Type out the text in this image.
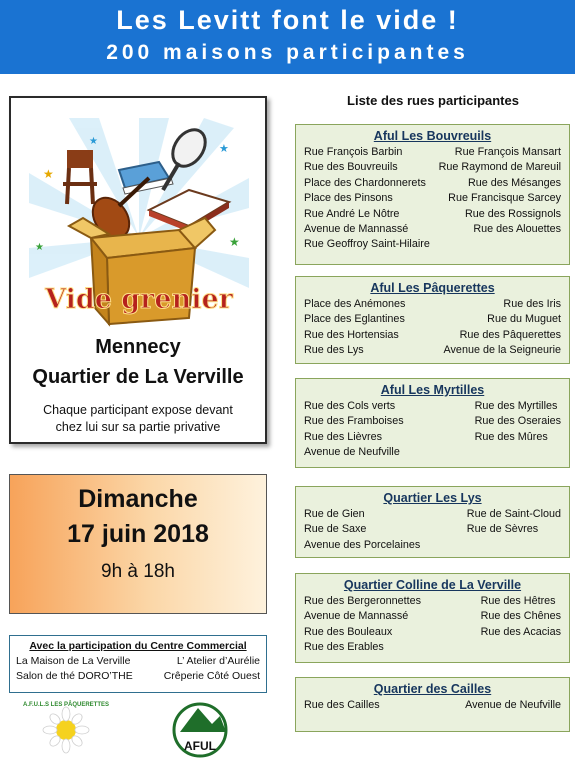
Les Levitt font le vide !
200 maisons participantes
★
★
★
★
★
Vide grenier
Mennecy
Quartier de La Verville
Chaque participant expose devant
chez lui sur sa partie privative
Dimanche
17 juin 2018
9h à 18h
Avec la participation du Centre Commercial
La Maison de La Verville	L’ Atelier d’Aurélie
Salon de thé DORO’THE	Crêperie Côté Ouest
A.F.U.L.S LES PÂQUERETTES
AFUL
Liste des rues participantes
Aful Les Bouvreuils
Rue François Barbin	Rue François Mansart
Rue des Bouvreuils	Rue Raymond de Mareuil
Place des Chardonnerets	Rue des Mésanges
Place des Pinsons	Rue Francisque Sarcey
Rue André Le Nôtre	Rue des Rossignols
Avenue de Mannassé	Rue des Alouettes
Rue Geoffroy Saint-Hilaire
Aful Les Pâquerettes
Place des Anémones	Rue des Iris
Place des Eglantines	Rue du Muguet
Rue des Hortensias	Rue des Pâquerettes
Rue des Lys	Avenue de la Seigneurie
Aful Les Myrtilles
Rue des Cols verts	Rue des Myrtilles
Rue des Framboises	Rue des Oseraies
Rue des Lièvres	Rue des Mûres
Avenue de Neufville
Quartier Les Lys
Rue de Gien	Rue de Saint-Cloud
Rue de Saxe	Rue de Sèvres
Avenue des Porcelaines
Quartier Colline de La Verville
Rue des Bergeronnettes	Rue des Hêtres
Avenue de Mannassé	Rue des Chênes
Rue des Bouleaux	Rue des Acacias
Rue des Erables
Quartier des Cailles
Rue des Cailles	Avenue de Neufville
